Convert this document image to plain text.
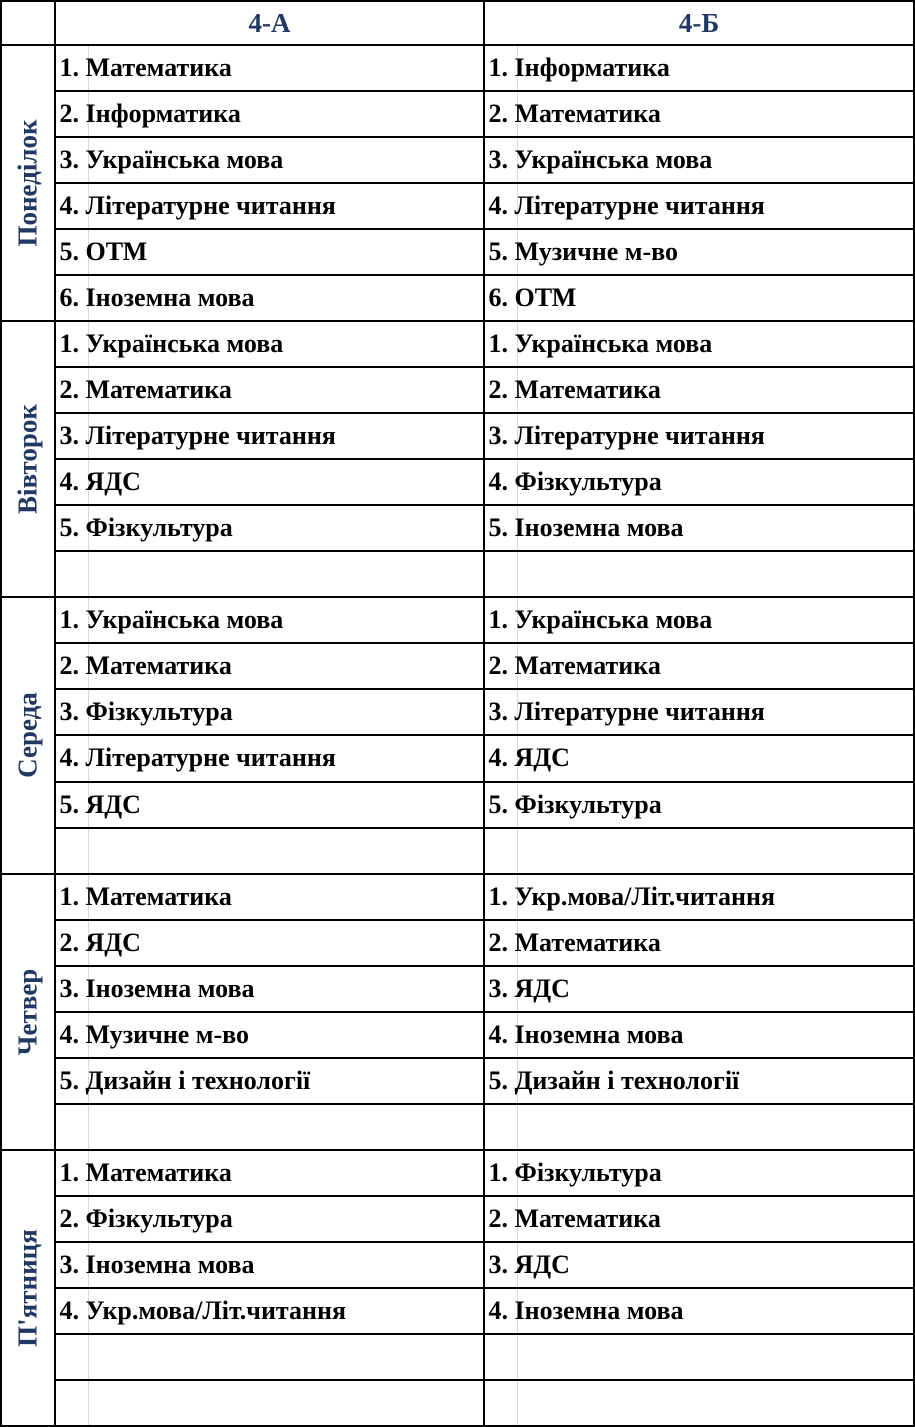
	4-А		4-Б	

Понеділок		1. Математика		1. Інформатика
		2. Інформатика		2. Математика
		3. Українська мова		3. Українська мова
		4. Літературне читання		4. Літературне читання
		5. ОТМ		5. Музичне м-во
		6. Іноземна мова		6. ОТМ

Вівторок		1. Українська мова		1. Українська мова
		2. Математика		2. Математика
		3. Літературне читання		3. Літературне читання
		4. ЯДС		4. Фізкультура
		5. Фізкультура		5. Іноземна мова

Середа		1. Українська мова		1. Українська мова
		2. Математика		2. Математика
		3. Фізкультура		3. Літературне читання
		4. Літературне читання		4. ЯДС
		5. ЯДС		5. Фізкультура

Четвер		1. Математика		1. Укр.мова/Літ.читання
		2. ЯДС		2. Математика
		3. Іноземна мова		3. ЯДС
		4. Музичне м-во		4. Іноземна мова
		5. Дизайн і технології		5. Дизайн і технології

П'ятниця		1. Математика		1. Фізкультура
		2. Фізкультура		2. Математика
		3. Іноземна мова		3. ЯДС
		4. Укр.мова/Літ.читання		4. Іноземна мова
